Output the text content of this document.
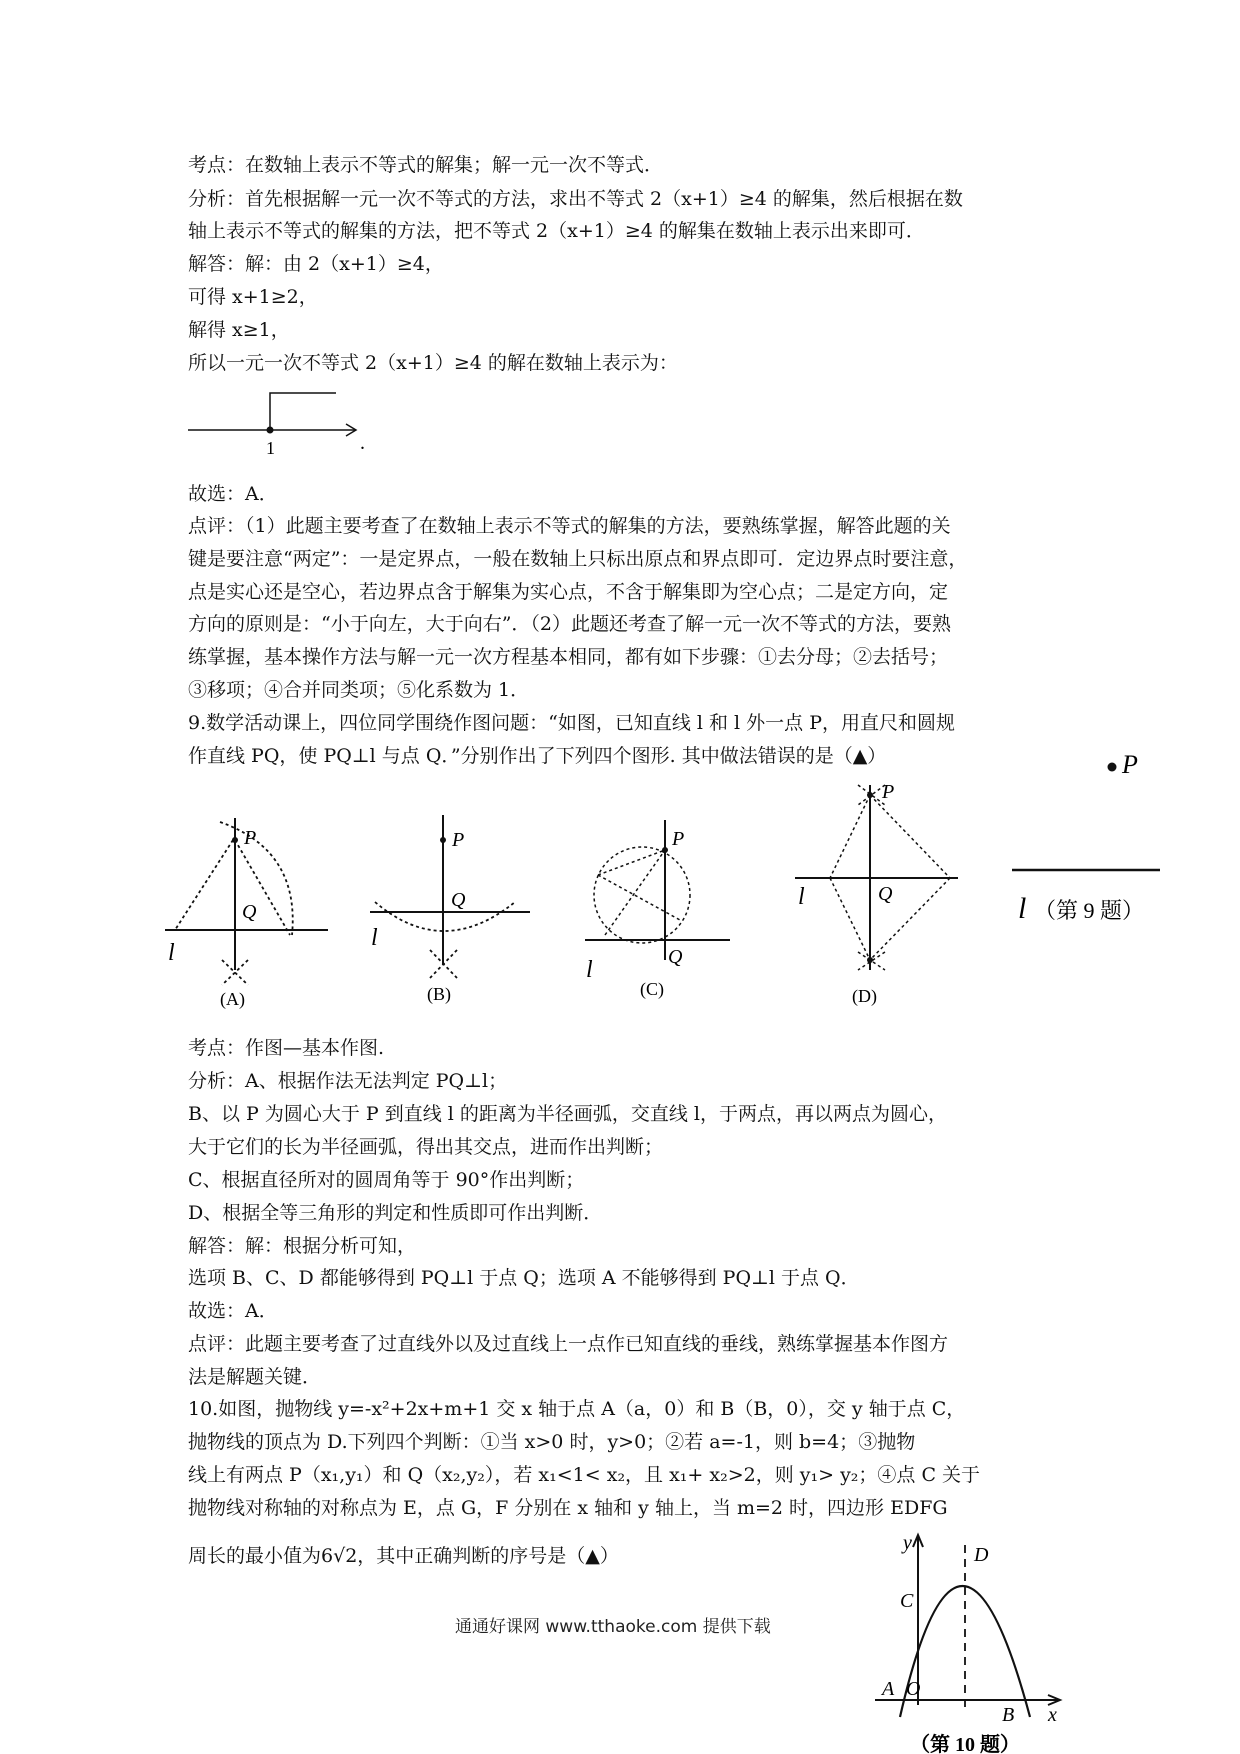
考点：在数轴上表示不等式的解集；解一元一次不等式．
分析：首先根据解一元一次不等式的方法，求出不等式 2（x+1）≥4 的解集，然后根据在数
轴上表示不等式的解集的方法，把不等式 2（x+1）≥4 的解集在数轴上表示出来即可．
解答：解：由 2（x+1）≥4，
可得 x+1≥2，
解得 x≥1，
所以一元一次不等式 2（x+1）≥4 的解在数轴上表示为：
1	.
故选：A．
点评：（1）此题主要考查了在数轴上表示不等式的解集的方法，要熟练掌握，解答此题的关
键是要注意“两定”：一是定界点，一般在数轴上只标出原点和界点即可．定边界点时要注意，
点是实心还是空心，若边界点含于解集为实心点，不含于解集即为空心点；二是定方向，定
方向的原则是：“小于向左，大于向右”．（2）此题还考查了解一元一次不等式的方法，要熟
练掌握，基本操作方法与解一元一次方程基本相同，都有如下步骤：①去分母；②去括号；
③移项；④合并同类项；⑤化系数为 1．
9.数学活动课上，四位同学围绕作图问题：“如图，已知直线 l 和 l 外一点 P，用直尺和圆规
作直线 PQ，使 PQ⊥l 与点 Q．”分别作出了下列四个图形. 其中做法错误的是（▲）	P
l （第 9 题）
P
Q
l
(A)
P
Q
l
(B)
P
Q
l
(C)
P
Q
l
(D)
考点：作图—基本作图.
分析：A、根据作法无法判定 PQ⊥l；
B、以 P 为圆心大于 P 到直线 l 的距离为半径画弧，交直线 l，于两点，再以两点为圆心，
大于它们的长为半径画弧，得出其交点，进而作出判断；
C、根据直径所对的圆周角等于 90°作出判断；
D、根据全等三角形的判定和性质即可作出判断．
解答：解：根据分析可知，
选项 B、C、D 都能够得到 PQ⊥l 于点 Q；选项 A 不能够得到 PQ⊥l 于点 Q．
故选：A．
点评：此题主要考查了过直线外以及过直线上一点作已知直线的垂线，熟练掌握基本作图方
法是解题关键．
10.如图，抛物线 y=-x²+2x+m+1 交 x 轴于点 A（a，0）和 B（B，0），交 y 轴于点 C，
抛物线的顶点为 D.下列四个判断：①当 x>0 时，y>0；②若 a=-1，则 b=4；③抛物
线上有两点 P（x₁,y₁）和 Q（x₂,y₂），若 x₁<1< x₂，且 x₁+ x₂>2，则 y₁> y₂；④点 C 关于
抛物线对称轴的对称点为 E，点 G，F 分别在 x 轴和 y 轴上，当 m=2 时，四边形 EDFG
周长的最小值为6√2，其中正确判断的序号是（▲）
y
x
D
C
A O
B
（第 10 题）
通通好课网 www.tthaoke.com 提供下载
